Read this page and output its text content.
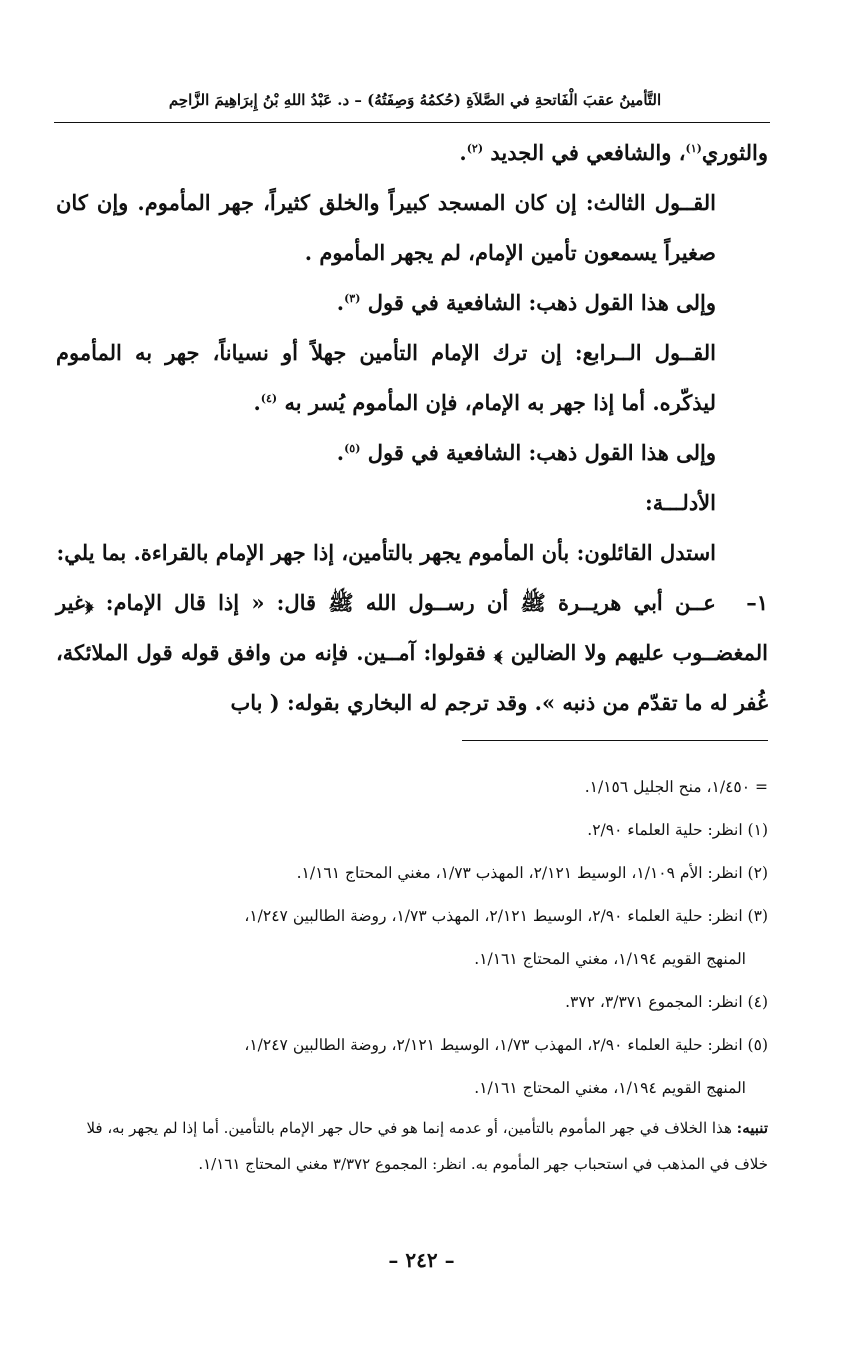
التَّأمينُ عقبَ الْفَاتحةِ في الصَّلاَةِ (حُكمُهُ وَصِفَتُهُ) – د. عَبْدُ اللهِ بْنُ إِبرَاهِيمَ الزَّاحِم

والثوري$^{(١)}$، والشافعي في الجديد $^{(٢)}$.

القــول الثالث: إن كان المسجد كبيراً والخلق كثيراً، جهر المأموم. وإن كان صغيراً يسمعون تأمين الإمام، لم يجهر المأموم .

وإلى هذا القول ذهب: الشافعية في قول $^{(٣)}$.

القــول الــرابع: إن ترك الإمام التأمين جهلاً أو نسياناً، جهر به المأموم ليذكّره. أما إذا جهر به الإمام، فإن المأموم يُسر به $^{(٤)}$.

وإلى هذا القول ذهب: الشافعية في قول $^{(٥)}$.

الأدلـــة:

استدل القائلون: بأن المأموم يجهر بالتأمين، إذا جهر الإمام بالقراءة. بما يلي:

١– عــن أبي هريــرة ﷺ أن رســول الله ﷺ قال: « إذا قال الإمام: ﴿غير المغضــوب عليهم ولا الضالين ﴾ فقولوا: آمــين. فإنه من وافق قوله قول الملائكة، غُفر له ما تقدّم من ذنبه ». وقد ترجم له البخاري بقوله: ( باب

= ١/٤٥٠، منح الجليل ١/١٥٦.

(١) انظر: حلية العلماء ٢/٩٠.

(٢) انظر: الأم ١/١٠٩، الوسيط ٢/١٢١، المهذب ١/٧٣، مغني المحتاج ١/١٦١.

(٣) انظر: حلية العلماء ٢/٩٠، الوسيط ٢/١٢١، المهذب ١/٧٣، روضة الطالبين ١/٢٤٧،

المنهج القويم ١/١٩٤، مغني المحتاج ١/١٦١.

(٤) انظر: المجموع ٣/٣٧١، ٣٧٢.

(٥) انظر: حلية العلماء ٢/٩٠، المهذب ١/٧٣، الوسيط ٢/١٢١، روضة الطالبين ١/٢٤٧،

المنهج القويم ١/١٩٤، مغني المحتاج ١/١٦١.

تنبيه: هذا الخلاف في جهر المأموم بالتأمين، أو عدمه إنما هو في حال جهر الإمام بالتأمين. أما إذا لم يجهر به، فلا خلاف في المذهب في استحباب جهر المأموم به. انظر: المجموع ٣/٣٧٢ مغني المحتاج ١/١٦١.

– ٢٤٢ –
